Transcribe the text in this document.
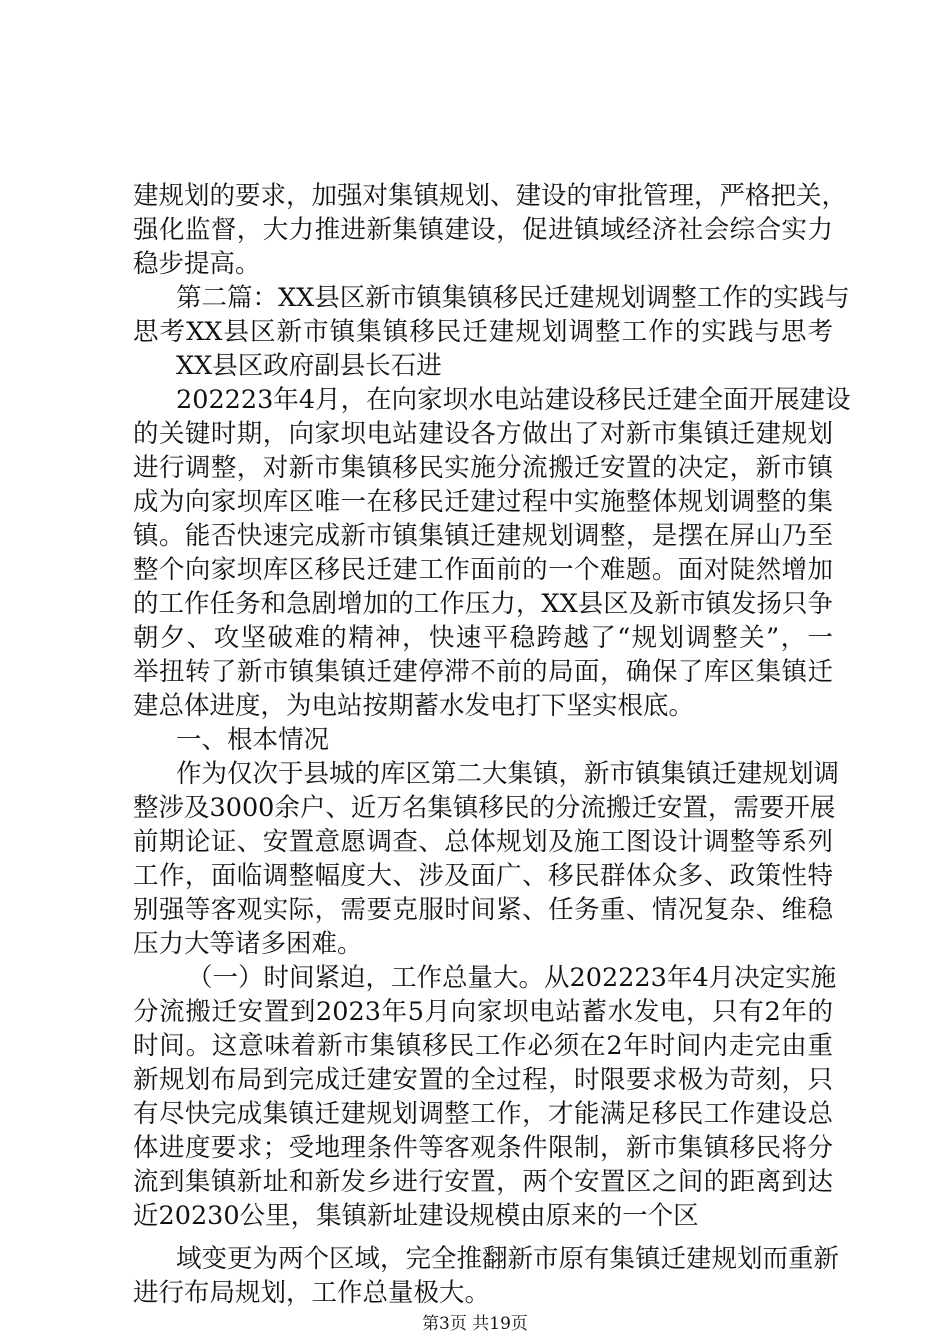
建规划的要求，加强对集镇规划、建设的审批管理，严格把关，
强化监督，大力推进新集镇建设，促进镇域经济社会综合实力
稳步提高。
第二篇：XX县区新市镇集镇移民迁建规划调整工作的实践与
思考XX县区新市镇集镇移民迁建规划调整工作的实践与思考
XX县区政府副县长石进
202223年4月，在向家坝水电站建设移民迁建全面开展建设
的关键时期，向家坝电站建设各方做出了对新市集镇迁建规划
进行调整，对新市集镇移民实施分流搬迁安置的决定，新市镇
成为向家坝库区唯一在移民迁建过程中实施整体规划调整的集
镇。能否快速完成新市镇集镇迁建规划调整，是摆在屏山乃至
整个向家坝库区移民迁建工作面前的一个难题。面对陡然增加
的工作任务和急剧增加的工作压力，XX县区及新市镇发扬只争
朝夕、攻坚破难的精神，快速平稳跨越了“规划调整关”，一
举扭转了新市镇集镇迁建停滞不前的局面，确保了库区集镇迁
建总体进度，为电站按期蓄水发电打下坚实根底。
一、根本情况
作为仅次于县城的库区第二大集镇，新市镇集镇迁建规划调
整涉及3000余户、近万名集镇移民的分流搬迁安置，需要开展
前期论证、安置意愿调查、总体规划及施工图设计调整等系列
工作，面临调整幅度大、涉及面广、移民群体众多、政策性特
别强等客观实际，需要克服时间紧、任务重、情况复杂、维稳
压力大等诸多困难。
（一）时间紧迫，工作总量大。从202223年4月决定实施
分流搬迁安置到2023年5月向家坝电站蓄水发电，只有2年的
时间。这意味着新市集镇移民工作必须在2年时间内走完由重
新规划布局到完成迁建安置的全过程，时限要求极为苛刻，只
有尽快完成集镇迁建规划调整工作，才能满足移民工作建设总
体进度要求；受地理条件等客观条件限制，新市集镇移民将分
流到集镇新址和新发乡进行安置，两个安置区之间的距离到达
近20230公里，集镇新址建设规模由原来的一个区
域变更为两个区域，完全推翻新市原有集镇迁建规划而重新
进行布局规划，工作总量极大。
第3页 共19页
